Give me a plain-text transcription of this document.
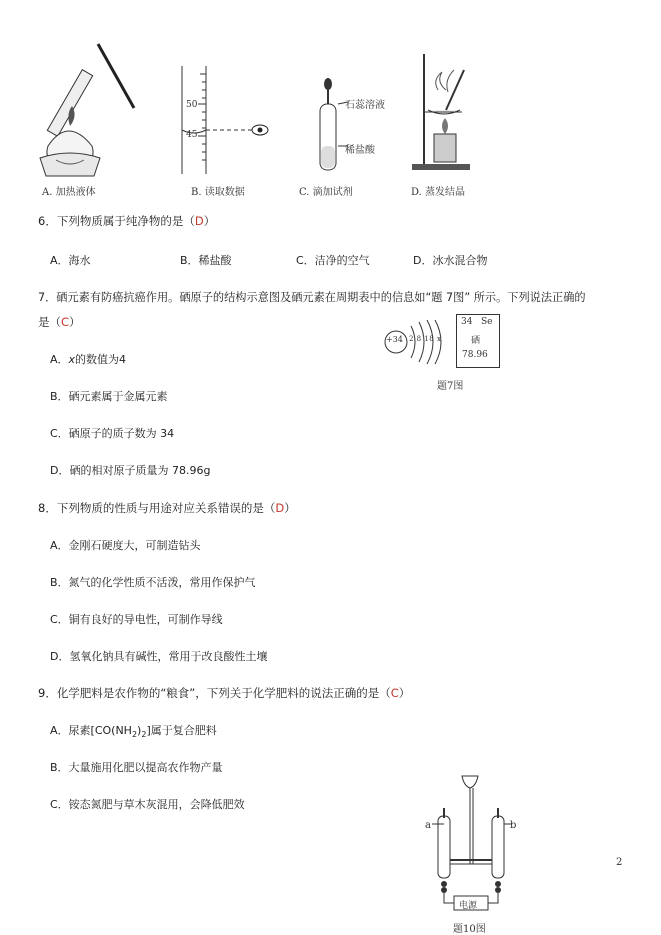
A. 加热液体
50
45
B. 读取数据
石蕊溶液
稀盐酸
C. 滴加试剂	D. 蒸发结晶
6．下列物质属于纯净物的是（D）
A．海水	B．稀盐酸	C．洁净的空气	D．冰水混合物
7．硒元素有防癌抗癌作用。硒原子的结构示意图及硒元素在周期表中的信息如“题 7图” 所示。下列说法正确的
是（C）
A．x的数值为4
B．硒元素属于金属元素
C．硒原子的质子数为 34
D．硒的相对原子质量为 78.96g
+34 2 8 18 x
34 Se
硒
78.96
题7图
8．下列物质的性质与用途对应关系错误的是（D）
A．金刚石硬度大，可制造钻头
B．氮气的化学性质不活泼，常用作保护气
C．铜有良好的导电性，可制作导线
D．氢氧化钠具有碱性，常用于改良酸性土壤
9．化学肥料是农作物的“粮食”，下列关于化学肥料的说法正确的是（C）
A．尿素$[CO(NH_2)_2]$属于复合肥料
B．大量施用化肥以提高农作物产量
C．铵态氮肥与草木灰混用，会降低肥效
a	b
电源
题10图
2
